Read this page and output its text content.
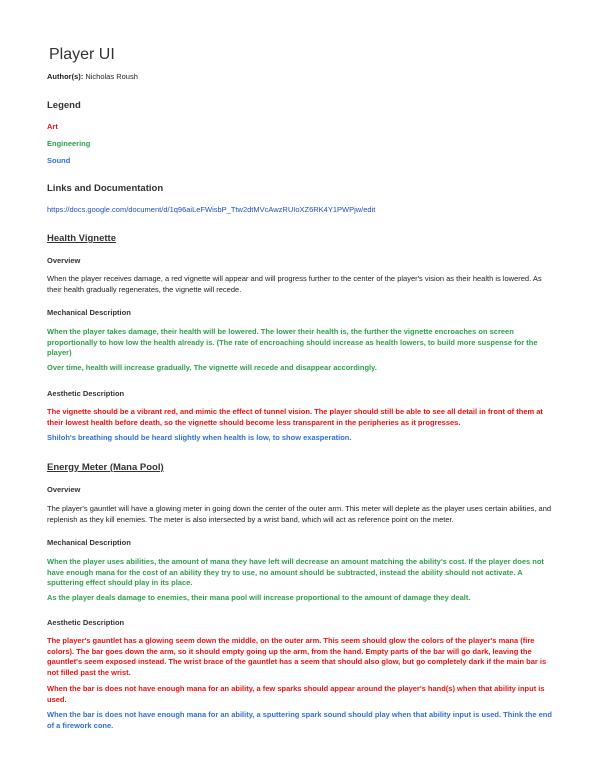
Player UI
Author(s): Nicholas Roush
Legend
Art
Engineering
Sound
Links and Documentation
https://docs.google.com/document/d/1q96aiLeFWisbP_Ttw2dtMVcAwzRUIoXZ6RK4Y1PWPjw/edit
Health Vignette
Overview
When the player receives damage, a red vignette will appear and will progress further to the center of the player's vision as their health is lowered. As their health gradually regenerates, the vignette will recede.
Mechanical Description
When the player takes damage, their health will be lowered. The lower their health is, the further the vignette encroaches on screen proportionally to how low the health already is. (The rate of encroaching should increase as health lowers, to build more suspense for the player)
Over time, health will increase gradually. The vignette will recede and disappear accordingly.
Aesthetic Description
The vignette should be a vibrant red, and mimic the effect of tunnel vision. The player should still be able to see all detail in front of them at their lowest health before death, so the vignette should become less transparent in the peripheries as it progresses.
Shiloh's breathing should be heard slightly when health is low, to show exasperation.
Energy Meter (Mana Pool)
Overview
The player's gauntlet will have a glowing meter in going down the center of the outer arm. This meter will deplete as the player uses certain abilities, and replenish as they kill enemies. The meter is also intersected by a wrist band, which will act as reference point on the meter.
Mechanical Description
When the player uses abilities, the amount of mana they have left will decrease an amount matching the ability's cost. If the player does not have enough mana for the cost of an ability they try to use, no amount should be subtracted, instead the ability should not activate. A sputtering effect should play in its place.
As the player deals damage to enemies, their mana pool will increase proportional to the amount of damage they dealt.
Aesthetic Description
The player's gauntlet has a glowing seem down the middle, on the outer arm. This seem should glow the colors of the player's mana (fire colors). The bar goes down the arm, so it should empty going up the arm, from the hand. Empty parts of the bar will go dark, leaving the gauntlet's seem exposed instead. The wrist brace of the gauntlet has a seem that should also glow, but go completely dark if the main bar is not filled past the wrist.
When the bar is does not have enough mana for an ability, a few sparks should appear around the player's hand(s) when that ability input is used.
When the bar is does not have enough mana for an ability, a sputtering spark sound should play when that ability input is used. Think the end of a firework cone.
